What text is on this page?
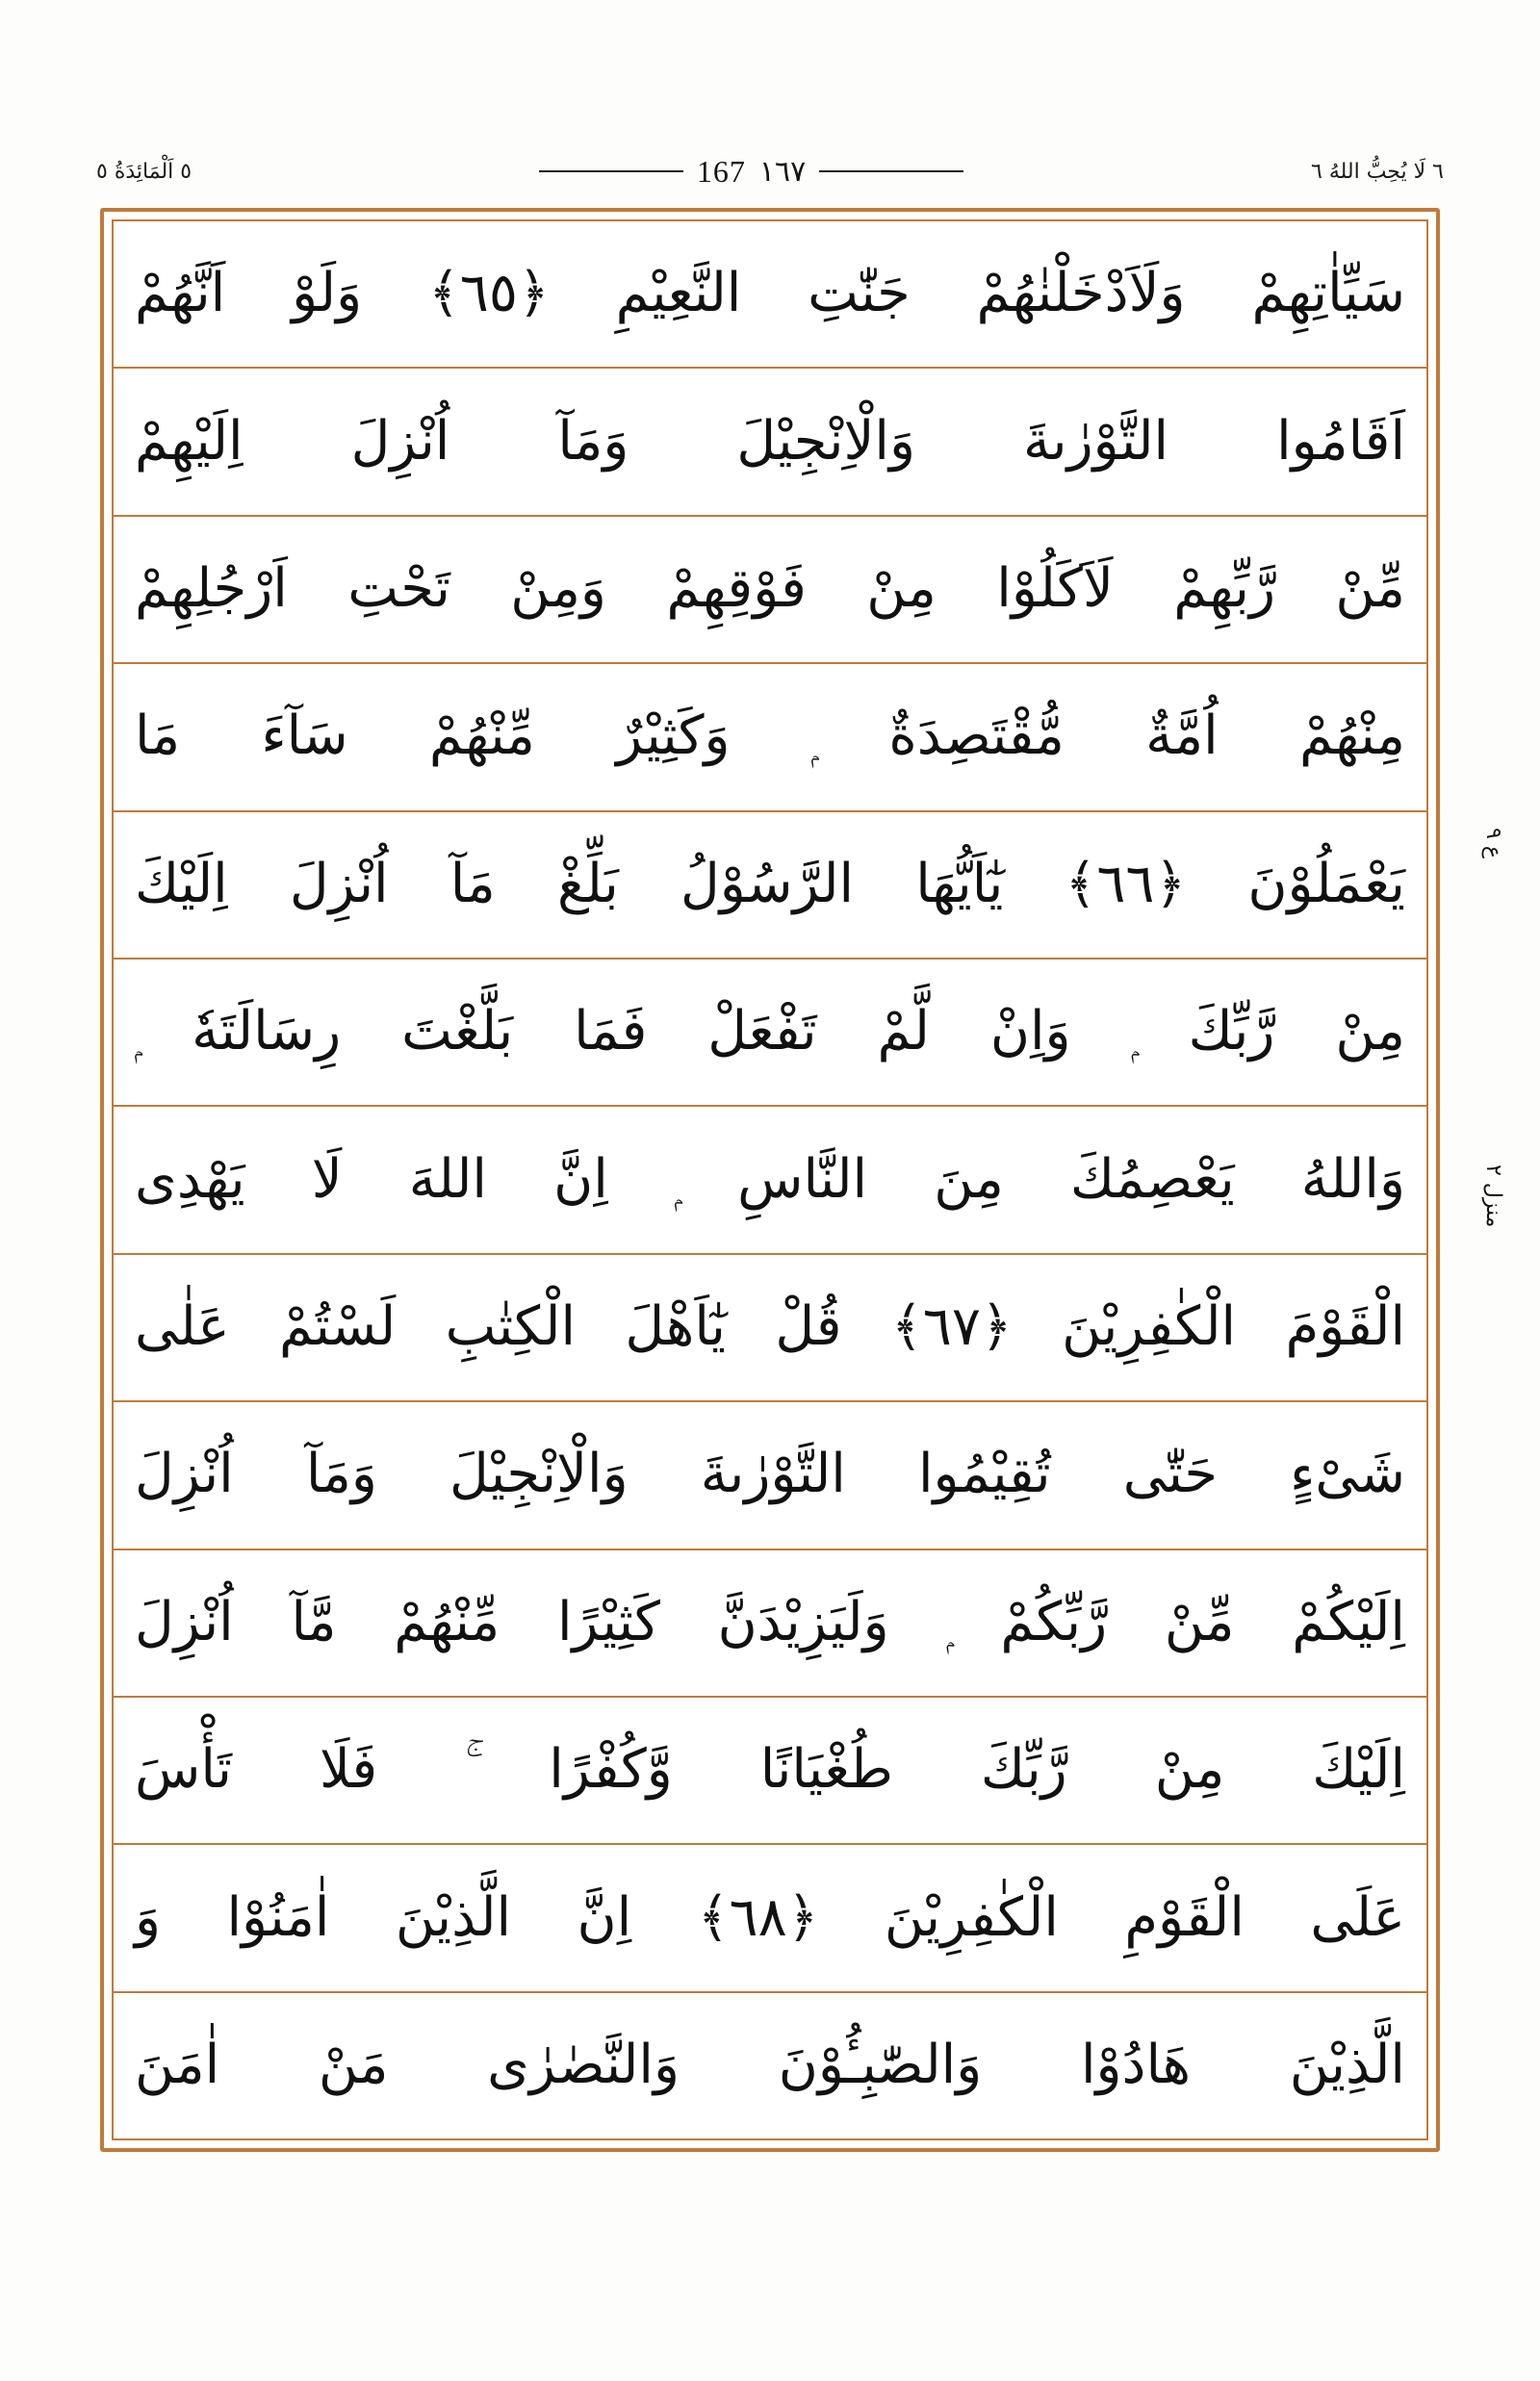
٦ لَا يُحِبُّ اللهُ ٦
١٦٧
167
٥ اَلْمَائِدَةُ ٥
ع ٩
منزل ٢
سَيِّاٰتِهِمْ وَلَاَدْخَلْنٰهُمْ جَنّٰتِ النَّعِيْمِ ﴿٦٥﴾ وَلَوْ اَنَّهُمْ
اَقَامُوا التَّوْرٰىةَ وَالْاِنْجِيْلَ وَمَآ اُنْزِلَ اِلَيْهِمْ
مِّنْ رَّبِّهِمْ لَاَكَلُوْا مِنْ فَوْقِهِمْ وَمِنْ تَحْتِ اَرْجُلِهِمْ
مِنْهُمْ اُمَّةٌ مُّقْتَصِدَةٌ ۭ وَكَثِيْرٌ مِّنْهُمْ سَآءَ مَا
يَعْمَلُوْنَ ﴿٦٦﴾ يٰٓاَيُّهَا الرَّسُوْلُ بَلِّغْ مَآ اُنْزِلَ اِلَيْكَ
مِنْ رَّبِّكَ ۭ وَاِنْ لَّمْ تَفْعَلْ فَمَا بَلَّغْتَ رِسَالَتَهٗ ۭ
وَاللهُ يَعْصِمُكَ مِنَ النَّاسِ ۭ اِنَّ اللهَ لَا يَهْدِى
الْقَوْمَ الْكٰفِرِيْنَ ﴿٦٧﴾ قُلْ يٰٓاَهْلَ الْكِتٰبِ لَسْتُمْ عَلٰى
شَىْءٍ حَتّٰى تُقِيْمُوا التَّوْرٰىةَ وَالْاِنْجِيْلَ وَمَآ اُنْزِلَ
اِلَيْكُمْ مِّنْ رَّبِّكُمْ ۭ وَلَيَزِيْدَنَّ كَثِيْرًا مِّنْهُمْ مَّآ اُنْزِلَ
اِلَيْكَ مِنْ رَّبِّكَ طُغْيَانًا وَّكُفْرًا ۚ فَلَا تَأْسَ
عَلَى الْقَوْمِ الْكٰفِرِيْنَ ﴿٦٨﴾ اِنَّ الَّذِيْنَ اٰمَنُوْا وَ
الَّذِيْنَ هَادُوْا وَالصّٰبِـُٔوْنَ وَالنَّصٰرٰى مَنْ اٰمَنَ
